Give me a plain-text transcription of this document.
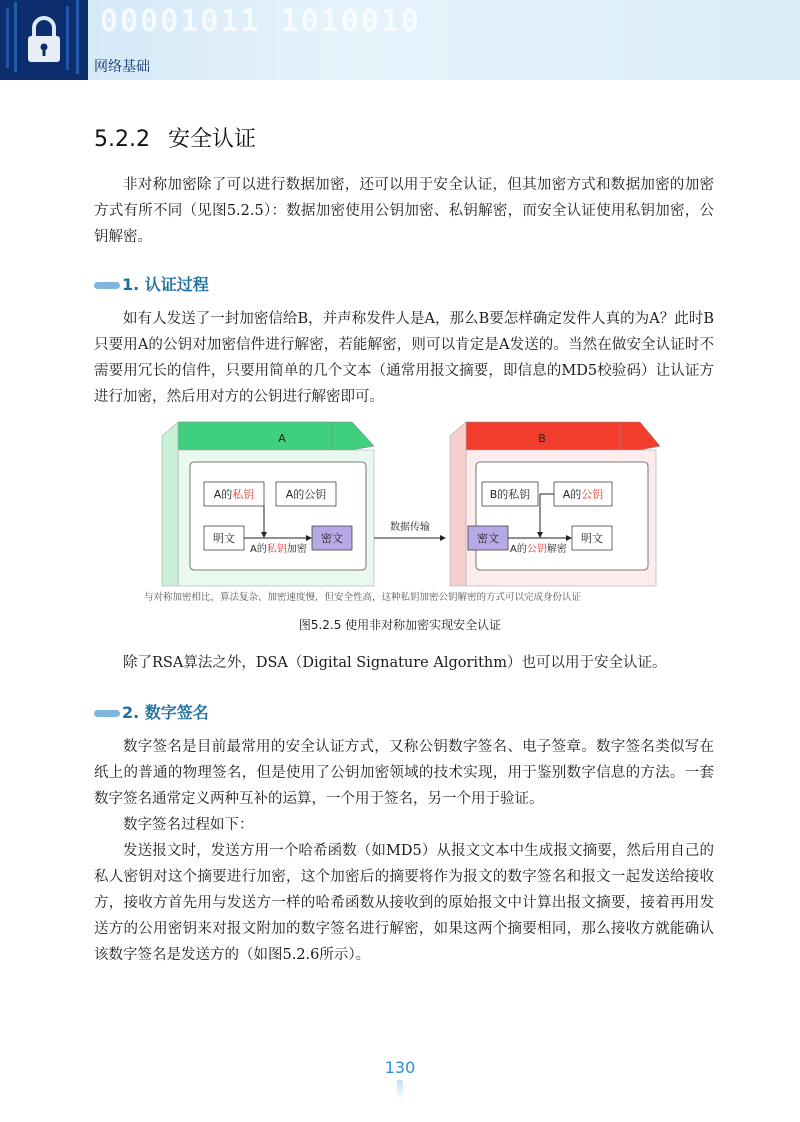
00001011 1010010
网络基础
5.2.2 安全认证

非对称加密除了可以进行数据加密，还可以用于安全认证，但其加密方式和数据加密的加密方式有所不同（见图5.2.5）：数据加密使用公钥加密、私钥解密，而安全认证使用私钥加密，公钥解密。

1. 认证过程

如有人发送了一封加密信给B，并声称发件人是A，那么B要怎样确定发件人真的为A？此时B只要用A的公钥对加密信件进行解密，若能解密，则可以肯定是A发送的。当然在做安全认证时不需要用冗长的信件，只要用简单的几个文本（通常用报文摘要，即信息的MD5校验码）让认证方进行加密，然后用对方的公钥进行解密即可。

A
A的私钥	A的公钥
明文	密文
A的私钥加密
数据传输
B
B的私钥	A的公钥
密文	明文
A的公钥解密
与对称加密相比，算法复杂、加密速度慢，但安全性高，这种私钥加密公钥解密的方式可以完成身份认证
图5.2.5 使用非对称加密实现安全认证

除了RSA算法之外，DSA（Digital Signature Algorithm）也可以用于安全认证。

2. 数字签名

数字签名是目前最常用的安全认证方式，又称公钥数字签名、电子签章。数字签名类似写在纸上的普通的物理签名，但是使用了公钥加密领域的技术实现，用于鉴别数字信息的方法。一套数字签名通常定义两种互补的运算，一个用于签名，另一个用于验证。

数字签名过程如下：

发送报文时，发送方用一个哈希函数（如MD5）从报文文本中生成报文摘要，然后用自己的私人密钥对这个摘要进行加密，这个加密后的摘要将作为报文的数字签名和报文一起发送给接收方，接收方首先用与发送方一样的哈希函数从接收到的原始报文中计算出报文摘要，接着再用发送方的公用密钥来对报文附加的数字签名进行解密，如果这两个摘要相同，那么接收方就能确认该数字签名是发送方的（如图5.2.6所示）。

130
